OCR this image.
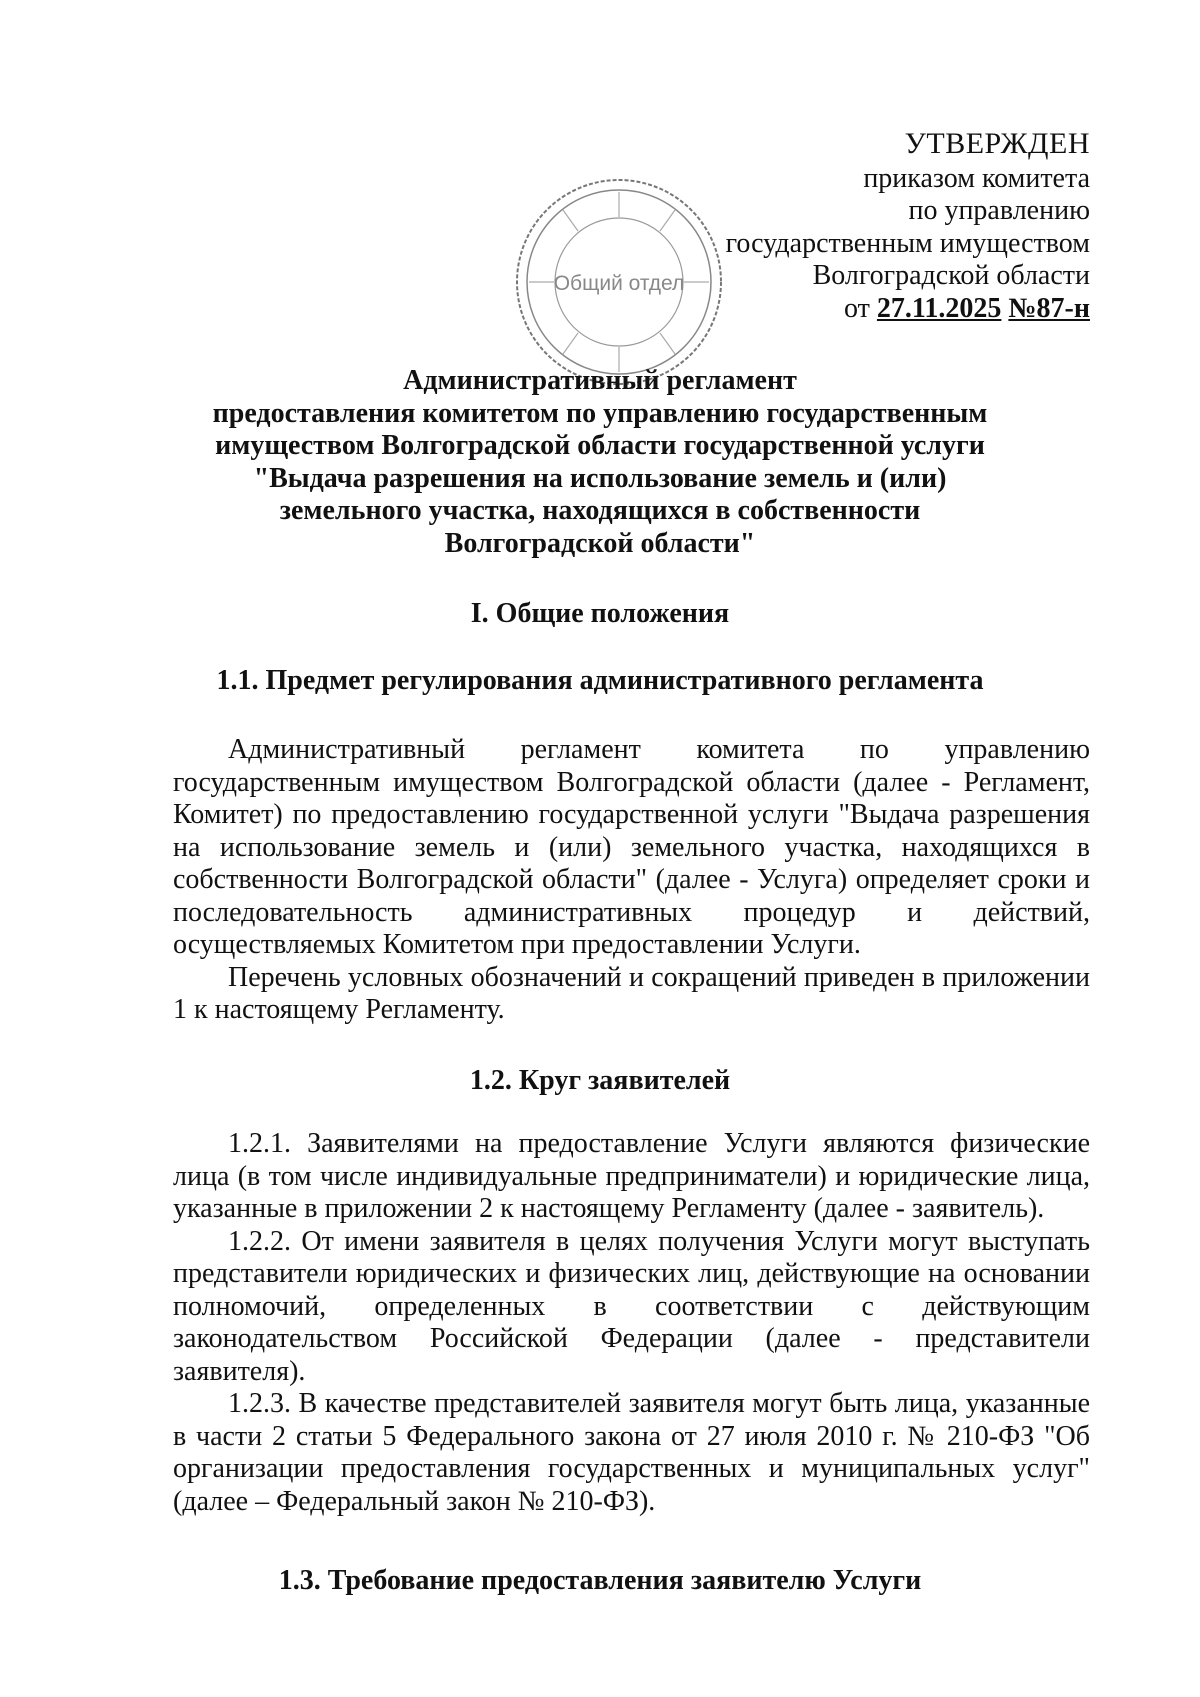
УТВЕРЖДЕН
приказом комитета
по управлению
государственным имуществом
Волгоградской области
от 27.11.2025 №87-н
Общий отдел
Административный регламент
предоставления комитетом по управлению государственным
имуществом Волгоградской области государственной услуги
"Выдача разрешения на использование земель и (или)
земельного участка, находящихся в собственности
Волгоградской области"
I. Общие положения
1.1. Предмет регулирования административного регламента

Административный регламент комитета по управлению государственным имуществом Волгоградской области (далее - Регламент, Комитет) по предоставлению государственной услуги "Выдача разрешения на использование земель и (или) земельного участка, находящихся в собственности Волгоградской области" (далее - Услуга) определяет сроки и последовательность административных процедур и действий, осуществляемых Комитетом при предоставлении Услуги.

Перечень условных обозначений и сокращений приведен в приложении 1 к настоящему Регламенту.

1.2. Круг заявителей

1.2.1. Заявителями на предоставление Услуги являются физические лица (в том числе индивидуальные предприниматели) и юридические лица, указанные в приложении 2 к настоящему Регламенту (далее - заявитель).

1.2.2. От имени заявителя в целях получения Услуги могут выступать представители юридических и физических лиц, действующие на основании полномочий, определенных в соответствии с действующим законодательством Российской Федерации (далее - представители заявителя).

1.2.3. В качестве представителей заявителя могут быть лица, указанные в части 2 статьи 5 Федерального закона от 27 июля 2010 г. № 210-ФЗ "Об организации предоставления государственных и муниципальных услуг" (далее – Федеральный закон № 210-ФЗ).

1.3. Требование предоставления заявителю Услуги
